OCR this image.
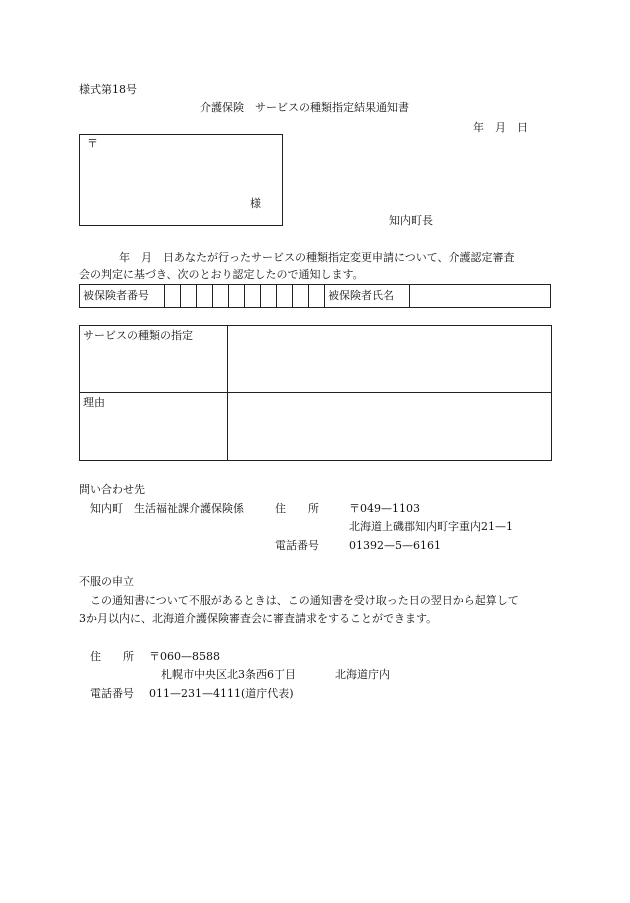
様式第18号
介護保険　サービスの種類指定結果通知書
年　月　日
〒
様
知内町長
年　月　日あなたが行ったサービスの種類指定変更申請について、介護認定審査
会の判定に基づき、次のとおり認定したので通知します。
被保険者番号											被保険者氏名	
サービスの種類の指定	
理由	
問い合わせ先
知内町　生活福祉課介護保険係	住　　所	〒049—1103
北海道上磯郡知内町字重内21—1
電話番号	01392—5—6161
不服の申立
この通知書について不服があるときは、この通知書を受け取った日の翌日から起算して
3か月以内に、北海道介護保険審査会に審査請求をすることができます。
住　　所 〒060—8588
札幌市中央区北3条西6丁目	北海道庁内
電話番号 011—231—4111(道庁代表)
